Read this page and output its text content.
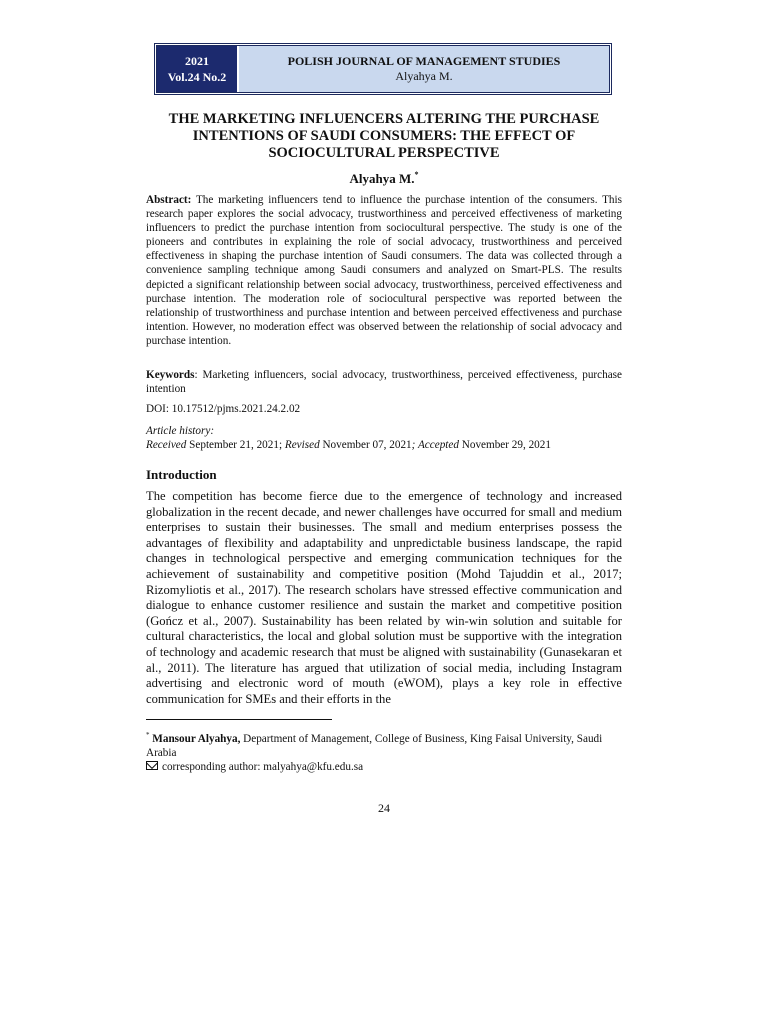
2021
Vol.24 No.2
POLISH JOURNAL OF MANAGEMENT STUDIES
Alyahya M.
THE MARKETING INFLUENCERS ALTERING THE PURCHASE INTENTIONS OF SAUDI CONSUMERS: THE EFFECT OF SOCIOCULTURAL PERSPECTIVE
Alyahya M.*
Abstract: The marketing influencers tend to influence the purchase intention of the consumers. This research paper explores the social advocacy, trustworthiness and perceived effectiveness of marketing influencers to predict the purchase intention from sociocultural perspective. The study is one of the pioneers and contributes in explaining the role of social advocacy, trustworthiness and perceived effectiveness in shaping the purchase intention of Saudi consumers. The data was collected through a convenience sampling technique among Saudi consumers and analyzed on Smart-PLS. The results depicted a significant relationship between social advocacy, trustworthiness, perceived effectiveness and purchase intention. The moderation role of sociocultural perspective was reported between the relationship of trustworthiness and purchase intention and between perceived effectiveness and purchase intention. However, no moderation effect was observed between the relationship of social advocacy and purchase intention.
Keywords: Marketing influencers, social advocacy, trustworthiness, perceived effectiveness, purchase intention
DOI: 10.17512/pjms.2021.24.2.02
Article history:
Received September 21, 2021; Revised November 07, 2021; Accepted November 29, 2021
Introduction
The competition has become fierce due to the emergence of technology and increased globalization in the recent decade, and newer challenges have occurred for small and medium enterprises to sustain their businesses. The small and medium enterprises possess the advantages of flexibility and adaptability and unpredictable business landscape, the rapid changes in technological perspective and emerging communication techniques for the achievement of sustainability and competitive position (Mohd Tajuddin et al., 2017; Rizomyliotis et al., 2017). The research scholars have stressed effective communication and dialogue to enhance customer resilience and sustain the market and competitive position (Gończ et al., 2007). Sustainability has been related by win-win solution and suitable for cultural characteristics, the local and global solution must be supportive with the integration of technology and academic research that must be aligned with sustainability (Gunasekaran et al., 2011). The literature has argued that utilization of social media, including Instagram advertising and electronic word of mouth (eWOM), plays a key role in effective communication for SMEs and their efforts in the
* Mansour Alyahya, Department of Management, College of Business, King Faisal University, Saudi Arabia
corresponding author: malyahya@kfu.edu.sa
24
